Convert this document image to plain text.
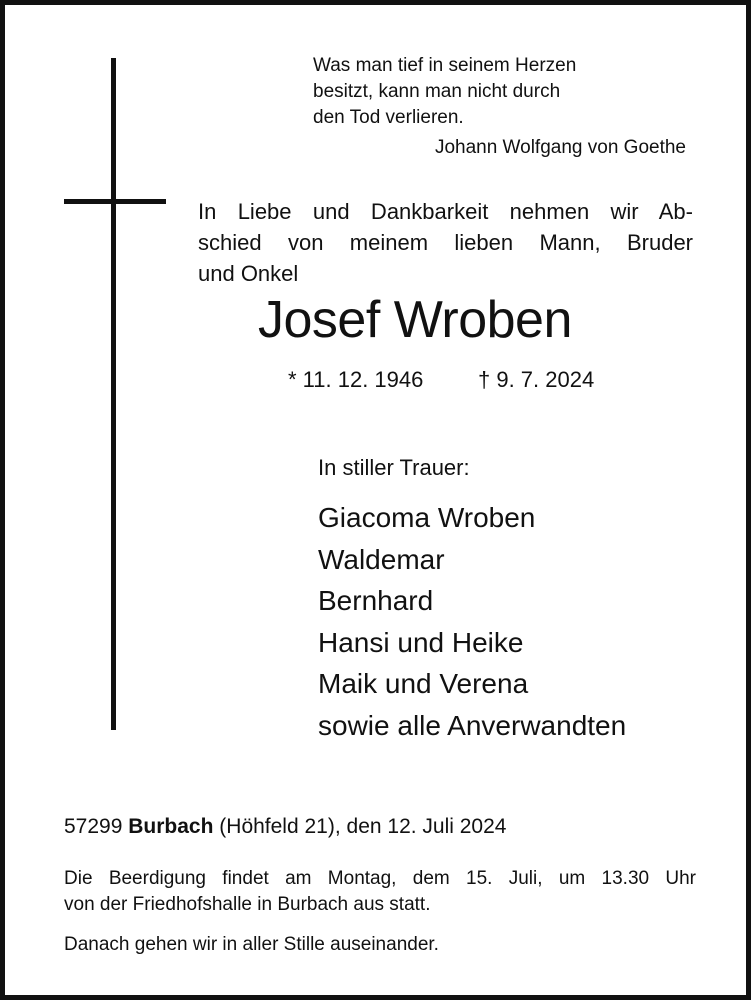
Was man tief in seinem Herzen
besitzt, kann man nicht durch
den Tod verlieren.
Johann Wolfgang von Goethe
In Liebe und Dankbarkeit nehmen wir Ab-
schied von meinem lieben Mann, Bruder
und Onkel
Josef Wroben
* 11. 12. 1946 † 9. 7. 2024
In stiller Trauer:
Giacoma Wroben
Waldemar
Bernhard
Hansi und Heike
Maik und Verena
sowie alle Anverwandten
57299 Burbach (Höhfeld 21), den 12. Juli 2024
Die Beerdigung findet am Montag, dem 15. Juli, um 13.30 Uhr
von der Friedhofshalle in Burbach aus statt.
Danach gehen wir in aller Stille auseinander.
